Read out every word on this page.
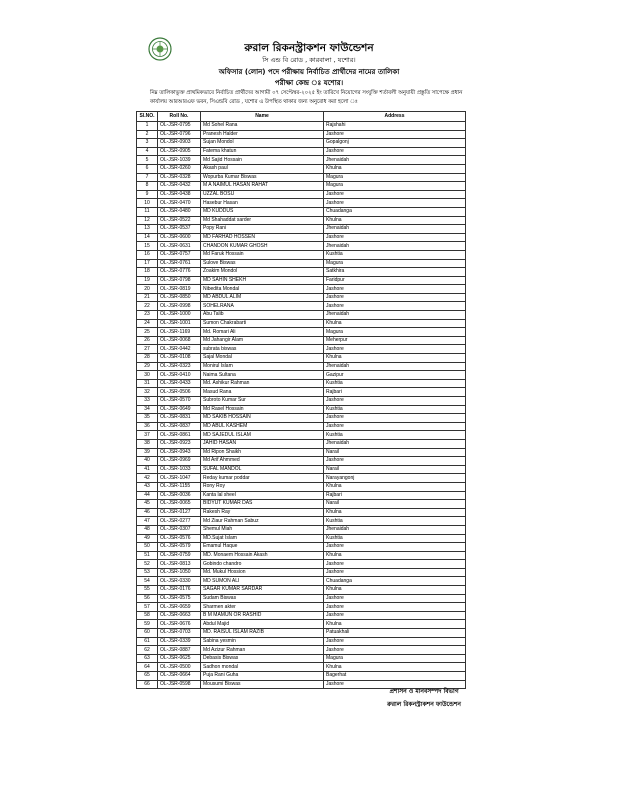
রুরাল রিকনস্ট্রাকশন ফাউন্ডেশন
সি এন্ড বি রোড , কারবালা , যশোর।
অফিসার (লোন) পদে পরীক্ষায় নির্বাচিত প্রার্থীদের নামের তালিকা
পরীক্ষা কেন্দ্র ঃ যশোর।
নিম্ন তালিকাভুক্ত প্রাথমিকভাবে নির্বাচিত প্রার্থীদের আগামী ০৭ সেপ্টেম্বর-২০২৫ ইং তারিখে নিয়োগের সংযুক্তি শর্তাবলী অনুযায়ী প্রস্তুতি সাপেক্ষে প্রধান কার্যালয় আরআরএফ ভবন, সিএন্ডবি রোড , যশোর এ উপস্থিত থাকার জন্য অনুরোধ করা হলো ঃ
Sl.NO.	Roll No.	Name	Address
1	OL-JSR-0795	Md Sohel Rana	Rajshahi
2	OL-JSR-0796	Pranesh Halder	Jashore
3	OL-JSR-0903	Sujan Mondol	Gopalgonj
4	OL-JSR-0905	Fatema khatun	Jashore
5	OL-JSR-1039	Md Sajid Hossain	Jhenaidah
6	OL-JSR-0260	Akash paul	Khulna
7	OL-JSR-0328	Wopurba Kumar Biswas	Magura
8	OL-JSR-0432	M A NAIMUL HASAN RAHAT	Magura
9	OL-JSR-0438	UZZAL BOSU	Jashore
10	OL-JSR-0470	Hasebur Hasan	Jashore
11	OL-JSR-0480	MD KUDDUS	Chuadanga
12	OL-JSR-0522	Md Shahaddat sarder	Khulna
13	OL-JSR-0537	Popy Rani	Jhenaidah
14	OL-JSR-0600	MD FARHAD HOSSEN	Jashore
15	OL-JSR-0631	CHANDON KUMAR GHOSH	Jhenaidah
16	OL-JSR-0757	Md Faruk Hossain	Kushtia
17	OL-JSR-0761	Sulove Biswas	Magura
18	OL-JSR-0776	Zoakim Mondol	Satkhira
19	OL-JSR-0798	MD SAHIN SHEKH	Faridpur
20	OL-JSR-0819	Nibedita Mondal	Jashore
21	OL-JSR-0850	MD ABDUL ALIM	Jashore
22	OL-JSR-0998	SOHELRANA	Jashore
23	OL-JSR-1000	Abu Talib	Jhenaidah
24	OL-JSR-1001	Sumon Chakrabarti	Khulna
25	OL-JSR-1169	Md. Romari Ali	Magura
26	OL-JSR-0068	Md Jahangir Alam	Meherpur
27	OL-JSR-0442	subrata biswas	Jashore
28	OL-JSR-0108	Sajal Mondal	Khulna
29	OL-JSR-0323	Monirul Islam	Jhenaidah
30	OL-JSR-0410	Naima Sultana	Gazipur
31	OL-JSR-0433	Md. Ashikur Rahman	Kushtia
32	OL-JSR-0506	Masud Rana	Rajbari
33	OL-JSR-0570	Subroto Kumar Sur	Jashore
34	OL-JSR-0649	Md Rasel Hossain	Kushtia
35	OL-JSR-0831	MD SAKIB HOSSAIN	Jashore
36	OL-JSR-0837	MD ABUL KASHEM	Jashore
37	OL-JSR-0861	MD SAJEDUL ISLAM	Kushtia
38	OL-JSR-0923	JAHID HASAN	Jhenaidah
39	OL-JSR-0943	Md Ripon Shaikh	Narail
40	OL-JSR-0969	Md Arif Ahmmed	Jashore
41	OL-JSR-1033	SUFAL MANDOL	Narail
42	OL-JSR-1047	Reday kumar poddar	Narayangonj
43	OL-JSR-1155	Rony Roy	Khulna
44	OL-JSR-0036	Kanta lal sheel	Rajbari
45	OL-JSR-0065	BIDYUT KUMAR DAS	Narail
46	OL-JSR-0127	Rakesh Ray	Khulna
47	OL-JSR-0277	Md Ziaur Rahman Sabuz	Kushtia
48	OL-JSR-0307	Shemul Miah	Jhenaidah
49	OL-JSR-0576	MD.Sujat Islam	Kushtia
50	OL-JSR-0579	Emamul Haque	Jashore
51	OL-JSR-0759	MD. Monaem Hossain Akash	Khulna
52	OL-JSR-0813	Gobindo chandro	Jashore
53	OL-JSR-1050	Md. Mukul Hossion	Jashore
54	OL-JSR-0330	MD SUMON ALI	Chuadanga
55	OL-JSR-0176	SAGAR KUMAR SARDAR	Khulna
56	OL-JSR-0575	Sudam Biswas	Jashore
57	OL-JSR-0659	Sharmen akter	Jashore
58	OL-JSR-0663	B M MAMUN OR RASHID	Jashore
59	OL-JSR-0676	Abdul Majid	Khulna
60	OL-JSR-0703	MD. RAISUL ISLAM RAZIB	Patuakhali
61	OL-JSR-0339	Sabina yesmin	Jashore
62	OL-JSR-0887	Md Azizur Rahman	Jashore
63	OL-JSR-0625	Debasis Biswas	Magura
64	OL-JSR-0500	Sadhon mondal	Khulna
65	OL-JSR-0664	Puja Rani Guha	Bagerhat
66	OL-JSR-0598	Mousumi Biswas	Jashore
প্রশাসন ও মানবসম্পদ বিভাগ
রুরাল রিকনস্ট্রাকশন ফাউন্ডেশন
